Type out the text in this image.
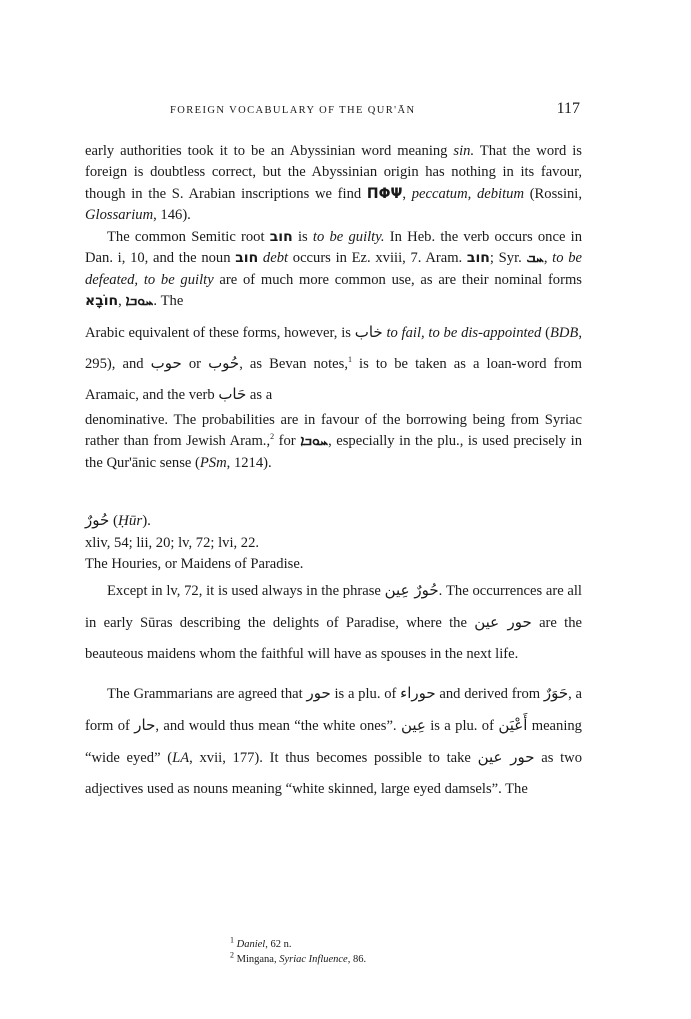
FOREIGN VOCABULARY OF THE QUR'ĀN	117

early authorities took it to be an Abyssinian word meaning sin. That the word is foreign is doubtless correct, but the Abyssinian origin has nothing in its favour, though in the S. Arabian inscriptions we find ΠΦΨ, peccatum, debitum (Rossini, Glossarium, 146).

The common Semitic root חוב is to be guilty. In Heb. the verb occurs once in Dan. i, 10, and the noun חוב debt occurs in Ez. xviii, 7. Aram. חוב; Syr. ܚܒ, to be defeated, to be guilty are of much more common use, as are their nominal forms חוֹבָא, ܚܘܒܐ. The

Arabic equivalent of these forms, however, is خاب to fail, to be dis-appointed (BDB, 295), and حوب or حُوب, as Bevan notes,$^1$ is to be taken as a loan-word from Aramaic, and the verb حَاب as a

denominative. The probabilities are in favour of the borrowing being from Syriac rather than from Jewish Aram.,$^2$ for ܚܘܒܐ, especially in the plu., is used precisely in the Qur'ānic sense (PSm, 1214).

حُورٌ (Ḥūr).

xliv, 54; lii, 20; lv, 72; lvi, 22.

The Houries, or Maidens of Paradise.

Except in lv, 72, it is used always in the phrase حُورٌ عِين. The occurrences are all in early Sūras describing the delights of Paradise, where the حور عين are the beauteous maidens whom the faithful will have as spouses in the next life.

The Grammarians are agreed that حور is a plu. of حوراء and derived from حَوَرٌ, a form of حار, and would thus mean “the white ones”. عِين is a plu. of أَعْيَن meaning “wide eyed” (LA, xvii, 177). It thus becomes possible to take حور عين as two adjectives used as nouns meaning “white skinned, large eyed damsels”. The

$^1$ Daniel, 62 n.
$^2$ Mingana, Syriac Influence, 86.
